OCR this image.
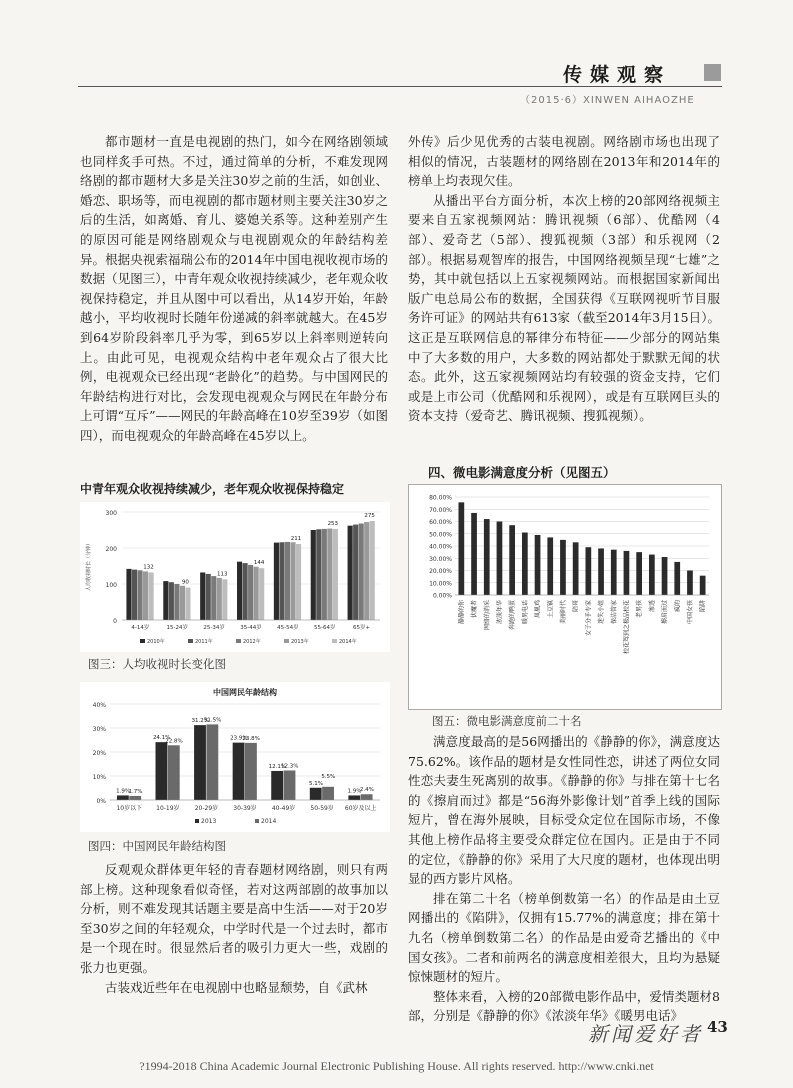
传媒观察
（2015·6）XINWEN AIHAOZHE

都市题材一直是电视剧的热门，如今在网络剧领域也同样炙手可热。不过，通过简单的分析，不难发现网络剧的都市题材大多是关注30岁之前的生活，如创业、婚恋、职场等，而电视剧的都市题材则主要关注30岁之后的生活，如离婚、育儿、婆媳关系等。这种差别产生的原因可能是网络剧观众与电视剧观众的年龄结构差异。根据央视索福瑞公布的2014年中国电视收视市场的数据（见图三），中青年观众收视持续减少，老年观众收视保持稳定，并且从图中可以看出，从14岁开始，年龄越小，平均收视时长随年份递减的斜率就越大。在45岁到64岁阶段斜率几乎为零，到65岁以上斜率则逆转向上。由此可见，电视观众结构中老年观众占了很大比例，电视观众已经出现“老龄化”的趋势。与中国网民的年龄结构进行对比，会发现电视观众与网民在年龄分布上可谓“互斥”——网民的年龄高峰在10岁至39岁（如图四），而电视观众的年龄高峰在45岁以上。

中青年观众收视持续减少，老年观众收视保持稳定
0
100
200
300
人均收视时长（分钟）
4-14岁
132
15-24岁
90
25-34岁
113
35-44岁
144
45-54岁
211
55-64岁
253
65岁+
275
2010年	2011年	2012年	2013年	2014年
图三：人均收视时长变化图
中国网民年龄结构
0%
10%
20%
30%
40%
1.9%
1.7%
10岁以下
24.1%
22.8%
10-19岁
31.2%
31.5%
20-29岁
23.9%
23.8%
30-39岁
12.1%
12.3%
40-49岁
5.1%
5.5%
50-59岁
1.9%
2.4%
60岁及以上
2013	2014
图四：中国网民年龄结构图

反观观众群体更年轻的青春题材网络剧，则只有两部上榜。这种现象看似奇怪，若对这两部剧的故事加以分析，则不难发现其话题主要是高中生活——对于20岁至30岁之间的年轻观众，中学时代是一个过去时，都市是一个现在时。很显然后者的吸引力更大一些，戏剧的张力也更强。

古装戏近些年在电视剧中也略显颓势，自《武林

外传》后少见优秀的古装电视剧。网络剧市场也出现了相似的情况，古装题材的网络剧在2013年和2014年的榜单上均表现欠佳。

从播出平台方面分析，本次上榜的20部网络视频主要来自五家视频网站：腾讯视频（6部）、优酷网（4部）、爱奇艺（5部）、搜狐视频（3部）和乐视网（2部）。根据易观智库的报告，中国网络视频呈现“七雄”之势，其中就包括以上五家视频网站。而根据国家新闻出版广电总局公布的数据，全国获得《互联网视听节目服务许可证》的网站共有613家（截至2014年3月15日）。这正是互联网信息的幂律分布特征——少部分的网站集中了大多数的用户，大多数的网站都处于默默无闻的状态。此外，这五家视频网站均有较强的资金支持，它们或是上市公司（优酷网和乐视网），或是有互联网巨头的资本支持（爱奇艺、腾讯视频、搜狐视频）。

四、微电影满意度分析（见图五）
0.00%
10.00%
20.00%
30.00%
40.00%
50.00%
60.00%
70.00%
80.00%
静静的你 伏魔者 网络的消采 浓淡年华 奔跑的鸭蛋 暖男电话 凤凰鸡 土豆镇 美丽时代 陪哥 女子分手专家 迷失小姐 保洁管家 校花驾到之极品校花 老男孩 渗透 擦肩而过 疯的 中国女孩 陷阱
图五：微电影满意度前二十名

满意度最高的是56网播出的《静静的你》，满意度达75.62%。该作品的题材是女性同性恋，讲述了两位女同性恋夫妻生死离别的故事。《静静的你》与排在第十七名的《擦肩而过》都是“56海外影像计划”首季上线的国际短片，曾在海外展映，目标受众定位在国际市场，不像其他上榜作品将主要受众群定位在国内。正是由于不同的定位，《静静的你》采用了大尺度的题材，也体现出明显的西方影片风格。

排在第二十名（榜单倒数第一名）的作品是由土豆网播出的《陷阱》，仅拥有15.77%的满意度；排在第十九名（榜单倒数第二名）的作品是由爱奇艺播出的《中国女孩》。二者和前两名的满意度相差很大，且均为悬疑惊悚题材的短片。

整体来看，入榜的20部微电影作品中，爱情类题材8部，分别是《静静的你》《浓淡年华》《暖男电话》

新闻爱好者 43
?1994-2018 China Academic Journal Electronic Publishing House. All rights reserved. http://www.cnki.net
